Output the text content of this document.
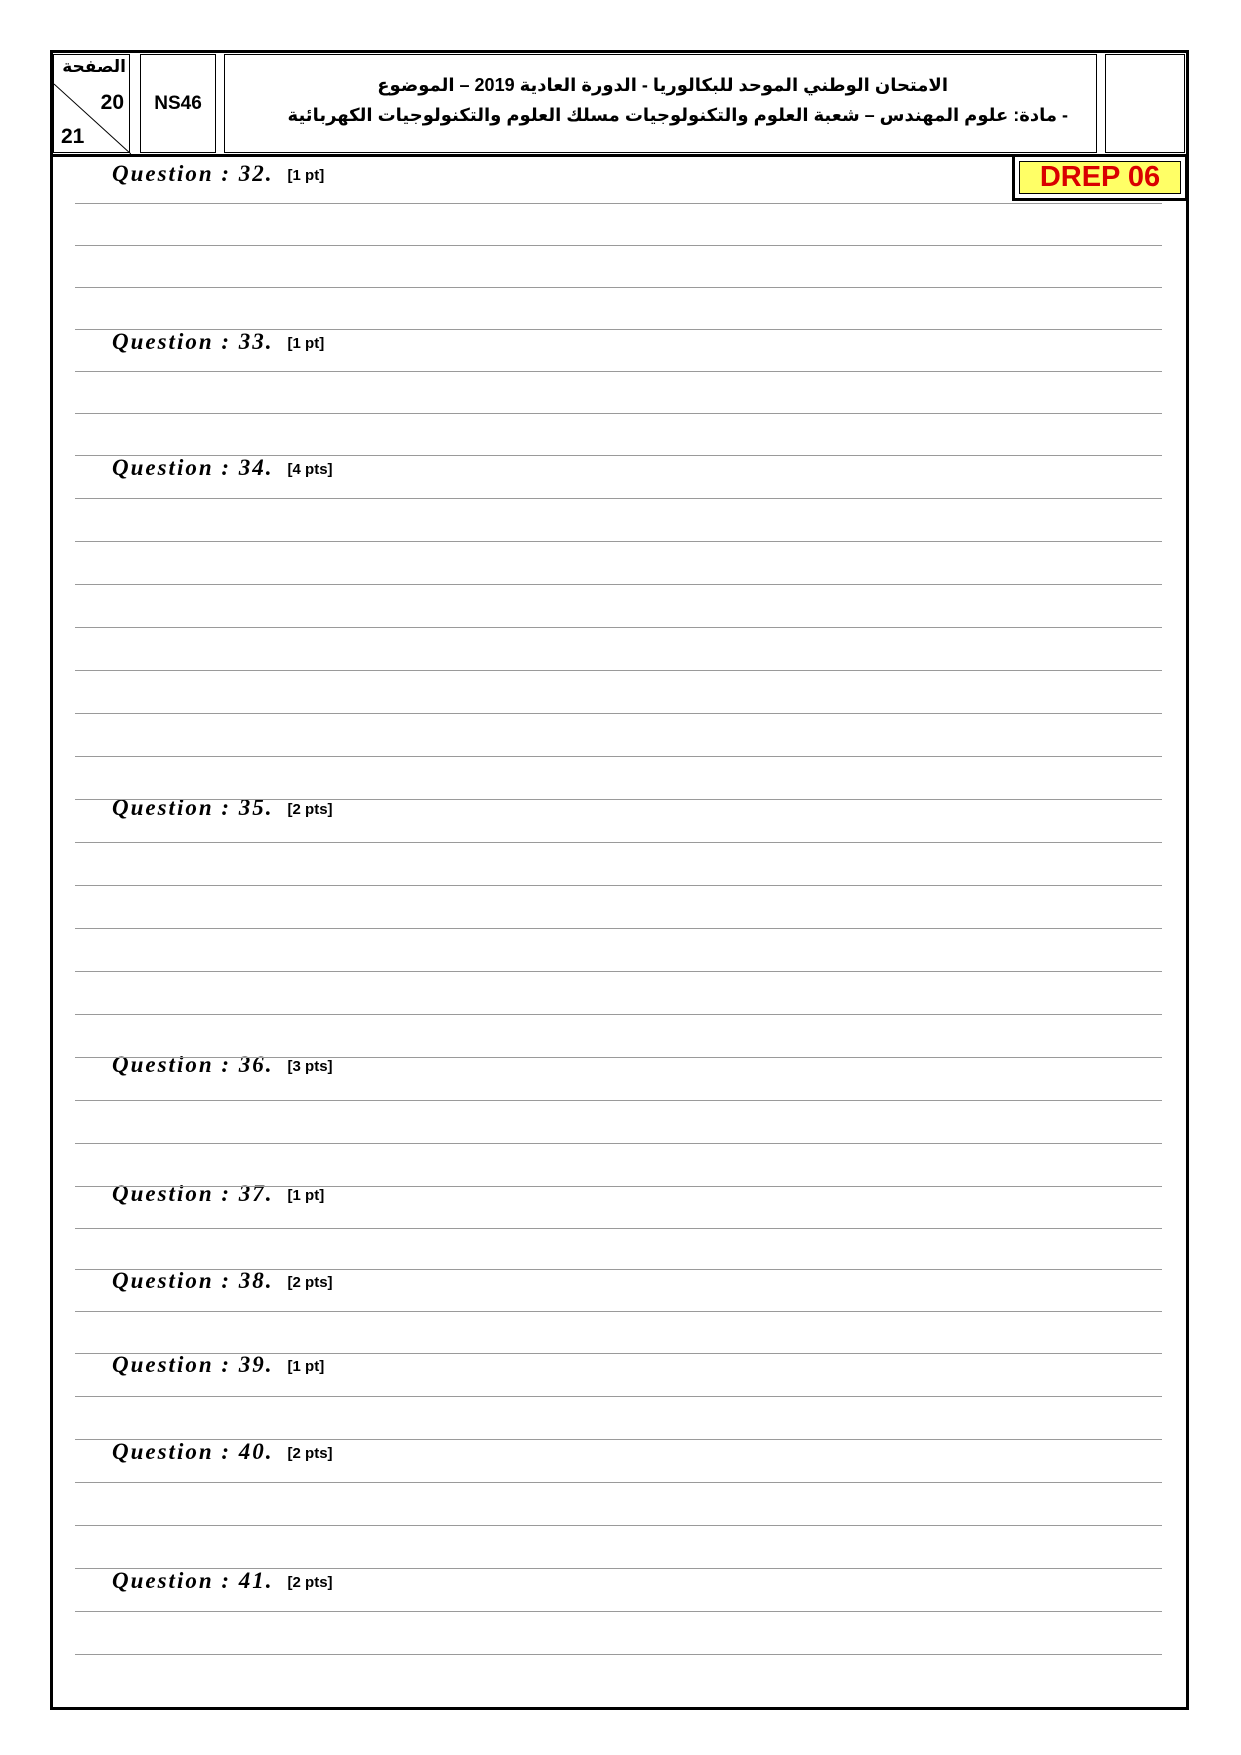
الصفحة
20
21
NS46
الامتحان الوطني الموحد للبكالوريا - الدورة العادية 2019 – الموضوع
- مادة: علوم المهندس – شعبة العلوم والتكنولوجيات مسلك العلوم والتكنولوجيات الكهربائية
DREP 06
Question : 32. [1 pt]
Question : 33. [1 pt]
Question : 34. [4 pts]
Question : 35. [2 pts]
Question : 36. [3 pts]
Question : 37. [1 pt]
Question : 38. [2 pts]
Question : 39. [1 pt]
Question : 40. [2 pts]
Question : 41. [2 pts]
